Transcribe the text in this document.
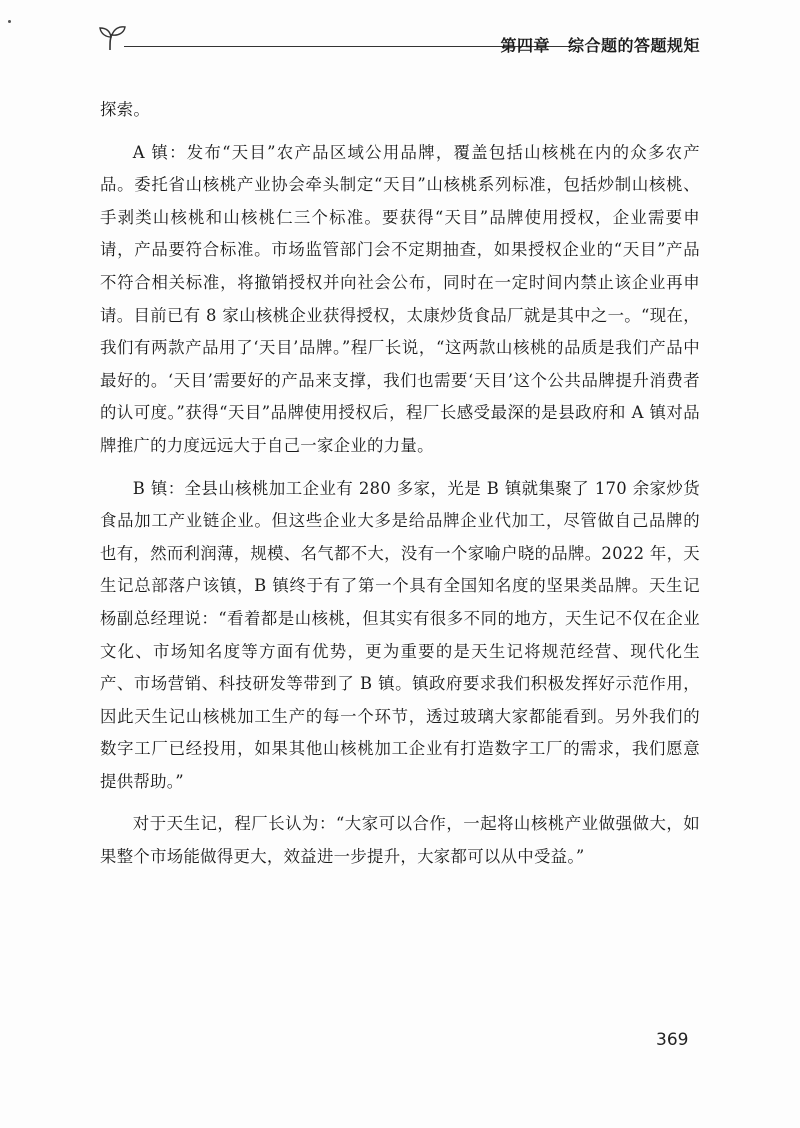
第四章 综合题的答题规矩

探索。

A 镇：发布“天目”农产品区域公用品牌，覆盖包括山核桃在内的众多农产品。委托省山核桃产业协会牵头制定“天目”山核桃系列标准，包括炒制山核桃、手剥类山核桃和山核桃仁三个标准。要获得“天目”品牌使用授权，企业需要申请，产品要符合标准。市场监管部门会不定期抽查，如果授权企业的“天目”产品不符合相关标准，将撤销授权并向社会公布，同时在一定时间内禁止该企业再申请。目前已有 8 家山核桃企业获得授权，太康炒货食品厂就是其中之一。“现在，我们有两款产品用了‘天目’品牌。”程厂长说，“这两款山核桃的品质是我们产品中最好的。‘天目’需要好的产品来支撑，我们也需要‘天目’这个公共品牌提升消费者的认可度。”获得“天目”品牌使用授权后，程厂长感受最深的是县政府和 A 镇对品牌推广的力度远远大于自己一家企业的力量。

B 镇：全县山核桃加工企业有 280 多家，光是 B 镇就集聚了 170 余家炒货食品加工产业链企业。但这些企业大多是给品牌企业代加工，尽管做自己品牌的也有，然而利润薄，规模、名气都不大，没有一个家喻户晓的品牌。2022 年，天生记总部落户该镇，B 镇终于有了第一个具有全国知名度的坚果类品牌。天生记杨副总经理说：“看着都是山核桃，但其实有很多不同的地方，天生记不仅在企业文化、市场知名度等方面有优势，更为重要的是天生记将规范经营、现代化生产、市场营销、科技研发等带到了 B 镇。镇政府要求我们积极发挥好示范作用，因此天生记山核桃加工生产的每一个环节，透过玻璃大家都能看到。另外我们的数字工厂已经投用，如果其他山核桃加工企业有打造数字工厂的需求，我们愿意提供帮助。”

对于天生记，程厂长认为：“大家可以合作，一起将山核桃产业做强做大，如果整个市场能做得更大，效益进一步提升，大家都可以从中受益。”

369
